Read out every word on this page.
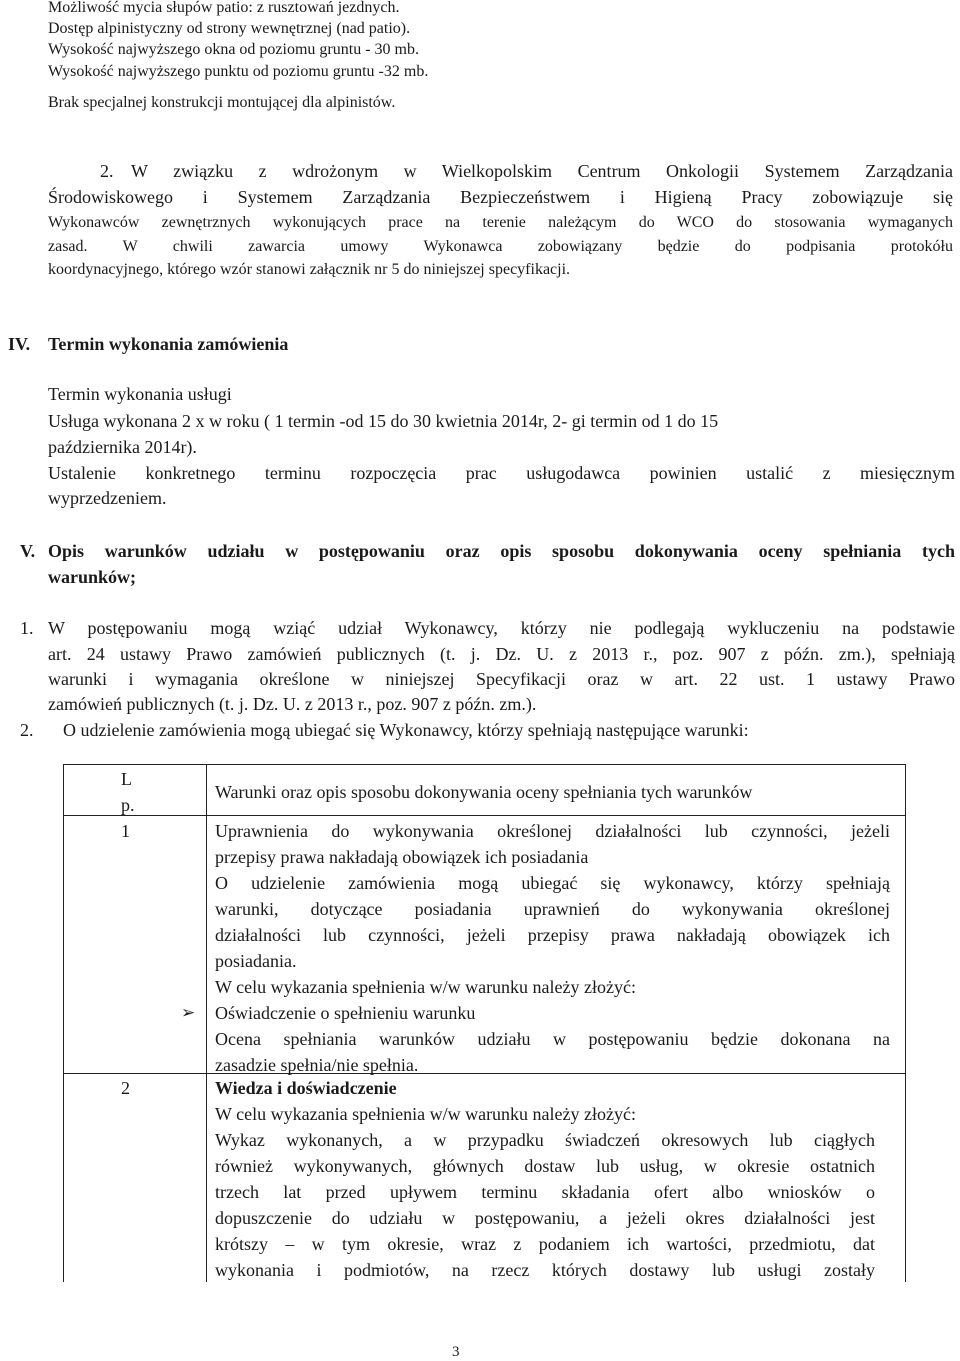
Możliwość mycia słupów patio: z rusztowań jezdnych.
Dostęp alpinistyczny od strony wewnętrznej (nad patio).
Wysokość najwyższego okna od poziomu gruntu - 30 mb.
Wysokość najwyższego punktu od poziomu gruntu -32 mb.
Brak specjalnej konstrukcji montującej dla alpinistów.
2. W związku z wdrożonym w Wielkopolskim Centrum Onkologii Systemem Zarządzania
Środowiskowego i Systemem Zarządzania Bezpieczeństwem i Higieną Pracy zobowiązuje się
Wykonawców zewnętrznych wykonujących prace na terenie należącym do WCO do stosowania wymaganych
zasad. W chwili zawarcia umowy Wykonawca zobowiązany będzie do podpisania protokółu
koordynacyjnego, którego wzór stanowi załącznik nr 5 do niniejszej specyfikacji.
IV. Termin wykonania zamówienia
Termin wykonania usługi
Usługa wykonana 2 x w roku ( 1 termin -od 15 do 30 kwietnia 2014r, 2- gi termin od 1 do 15
października 2014r).
Ustalenie konkretnego terminu rozpoczęcia prac usługodawca powinien ustalić z miesięcznym
wyprzedzeniem.
V. Opis warunków udziału w postępowaniu oraz opis sposobu dokonywania oceny spełniania tych
warunków;
1. W postępowaniu mogą wziąć udział Wykonawcy, którzy nie podlegają wykluczeniu na podstawie
art. 24 ustawy Prawo zamówień publicznych (t. j. Dz. U. z 2013 r., poz. 907 z późn. zm.), spełniają
warunki i wymagania określone w niniejszej Specyfikacji oraz w art. 22 ust. 1 ustawy Prawo
zamówień publicznych (t. j. Dz. U. z 2013 r., poz. 907 z późn. zm.).
2. O udzielenie zamówienia mogą ubiegać się Wykonawcy, którzy spełniają następujące warunki:
L
p.
Warunki oraz opis sposobu dokonywania oceny spełniania tych warunków
1	Uprawnienia do wykonywania określonej działalności lub czynności, jeżeli
przepisy prawa nakładają obowiązek ich posiadania
O udzielenie zamówienia mogą ubiegać się wykonawcy, którzy spełniają
warunki, dotyczące posiadania uprawnień do wykonywania określonej
działalności lub czynności, jeżeli przepisy prawa nakładają obowiązek ich
posiadania.
W celu wykazania spełnienia w/w warunku należy złożyć:
➢ Oświadczenie o spełnieniu warunku
Ocena spełniania warunków udziału w postępowaniu będzie dokonana na
zasadzie spełnia/nie spełnia.
2	Wiedza i doświadczenie
W celu wykazania spełnienia w/w warunku należy złożyć:
Wykaz wykonanych, a w przypadku świadczeń okresowych lub ciągłych
również wykonywanych, głównych dostaw lub usług, w okresie ostatnich
trzech lat przed upływem terminu składania ofert albo wniosków o
dopuszczenie do udziału w postępowaniu, a jeżeli okres działalności jest
krótszy – w tym okresie, wraz z podaniem ich wartości, przedmiotu, dat
wykonania i podmiotów, na rzecz których dostawy lub usługi zostały
3
